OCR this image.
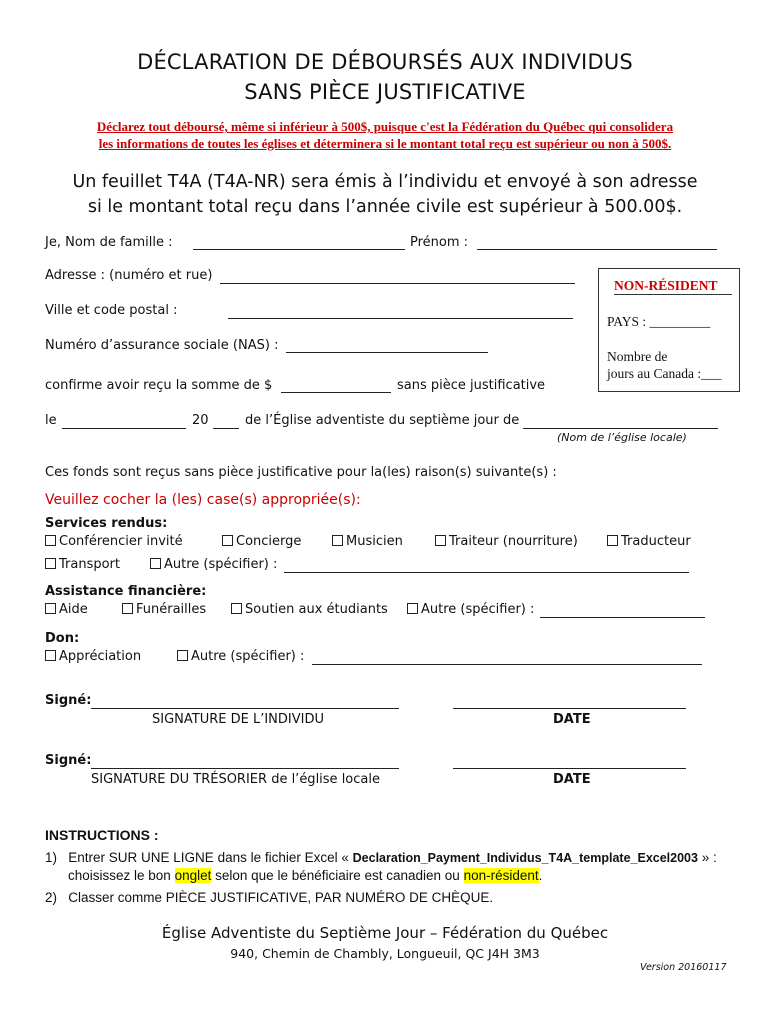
DÉCLARATION DE DÉBOURSÉS AUX INDIVIDUS
SANS PIÈCE JUSTIFICATIVE
Déclarez tout déboursé, même si inférieur à 500$, puisque c'est la Fédération du Québec qui consolidera
les informations de toutes les églises et déterminera si le montant total reçu est supérieur ou non à 500$.
Un feuillet T4A (T4A-NR) sera émis à l’individu et envoyé à son adresse
si le montant total reçu dans l’année civile est supérieur à 500.00$.
Je, Nom de famille :	Prénom :
Adresse : (numéro et rue)
Ville et code postal :
Numéro d’assurance sociale (NAS) :
confirme avoir reçu la somme de $	sans pièce justificative
le	20	de l’Église adventiste du septième jour de
(Nom de l’église locale)
NON-RÉSIDENT
PAYS : _________
Nombre de
jours au Canada :___
Ces fonds sont reçus sans pièce justificative pour la(les) raison(s) suivante(s) :
Veuillez cocher la (les) case(s) appropriée(s):
Services rendus:
Conférencier invité	Concierge	Musicien	Traiteur (nourriture)	Traducteur
Transport	Autre (spécifier) :
Assistance financière:
Aide	Funérailles	Soutien aux étudiants	Autre (spécifier) :
Don:
Appréciation	Autre (spécifier) :
Signé:
SIGNATURE DE L’INDIVIDU	DATE
Signé:
SIGNATURE DU TRÉSORIER de l’église locale	DATE
INSTRUCTIONS :
1) Entrer SUR UNE LIGNE dans le fichier Excel « Declaration_Payment_Individus_T4A_template_Excel2003 » :
choisissez le bon onglet selon que le bénéficiaire est canadien ou non-résident.
2) Classer comme PIÈCE JUSTIFICATIVE, PAR NUMÉRO DE CHÈQUE.
Église Adventiste du Septième Jour – Fédération du Québec
940, Chemin de Chambly, Longueuil, QC J4H 3M3
Version 20160117
